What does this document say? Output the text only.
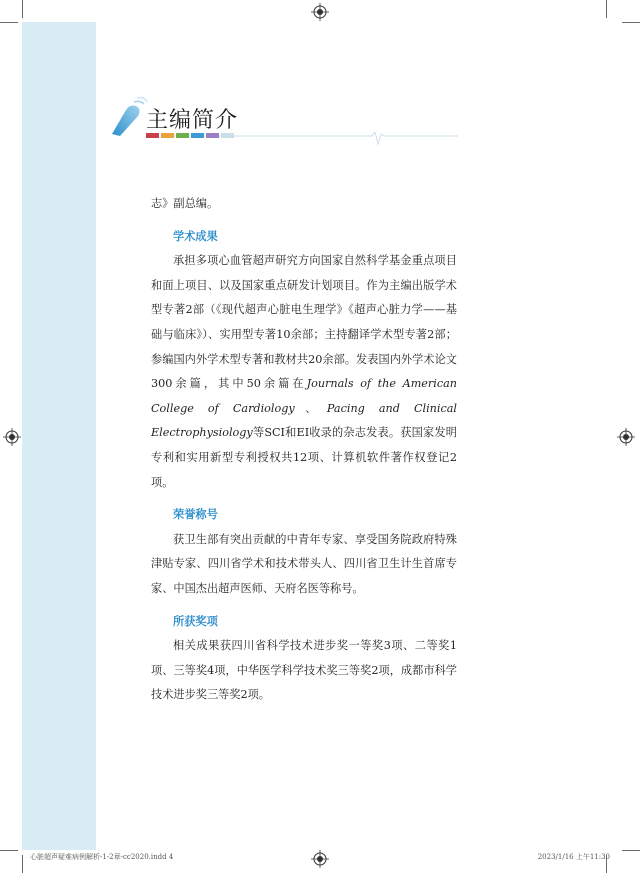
主编简介

志》副总编。

学术成果

承担多项心血管超声研究方向国家自然科学基金重点项目和面上项目、以及国家重点研发计划项目。作为主编出版学术型专著2部（《现代超声心脏电生理学》《超声心脏力学——基础与临床》）、实用型专著10余部；主持翻译学术型专著2部；参编国内外学术型专著和教材共20余部。发表国内外学术论文300余篇，其中50余篇在Journals of the American College of Cardiology、Pacing and Clinical Electrophysiology等SCI和EI收录的杂志发表。获国家发明专利和实用新型专利授权共12项、计算机软件著作权登记2项。

荣誉称号

获卫生部有突出贡献的中青年专家、享受国务院政府特殊津贴专家、四川省学术和技术带头人、四川省卫生计生首席专家、中国杰出超声医师、天府名医等称号。

所获奖项

相关成果获四川省科学技术进步奖一等奖3项、二等奖1项、三等奖4项，中华医学科学技术奖三等奖2项，成都市科学技术进步奖三等奖2项。

心脏超声疑难病例解析-1-2章-cc2020.indd 4	2023/1/16 上午11:30
